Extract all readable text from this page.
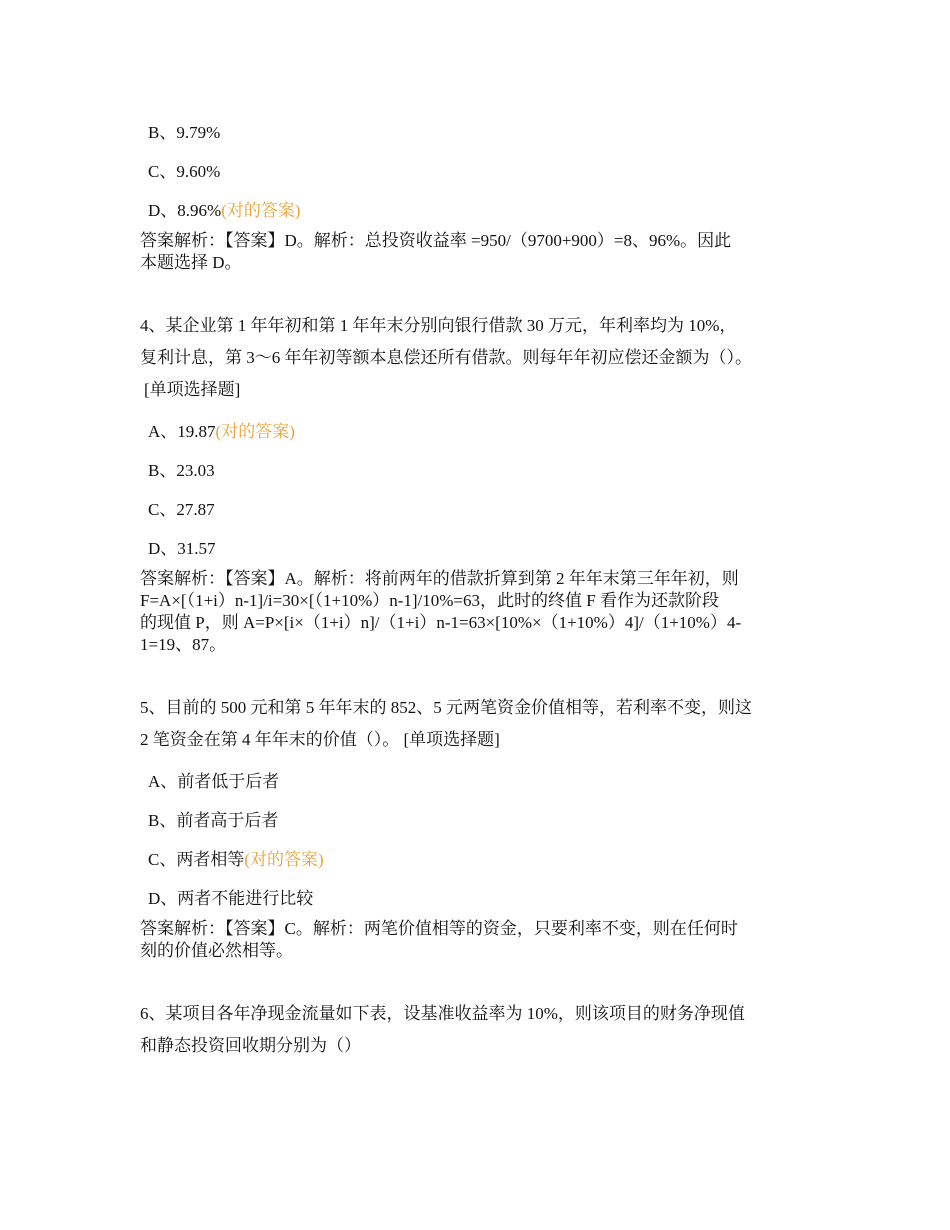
B、9.79%
C、9.60%
D、8.96%(对的答案)
答案解析：【答案】D。解析：总投资收益率 =950/（9700+900）=8、96%。因此
本题选择 D。
4、某企业第 1 年年初和第 1 年年末分别向银行借款 30 万元，年利率均为 10%，
复利计息，第 3～6 年年初等额本息偿还所有借款。则每年年初应偿还金额为（）。
[单项选择题]
A、19.87(对的答案)
B、23.03
C、27.87
D、31.57
答案解析：【答案】A。解析：将前两年的借款折算到第 2 年年末第三年年初，则
F=A×[（1+i）n-1]/i=30×[（1+10%）n-1]/10%=63，此时的终值 F 看作为还款阶段
的现值 P，则 A=P×[i×（1+i）n]/（1+i）n-1=63×[10%×（1+10%）4]/（1+10%）4-
1=19、87。
5、目前的 500 元和第 5 年年末的 852、5 元两笔资金价值相等，若利率不变，则这
2 笔资金在第 4 年年末的价值（）。 [单项选择题]
A、前者低于后者
B、前者高于后者
C、两者相等(对的答案)
D、两者不能进行比较
答案解析：【答案】C。解析：两笔价值相等的资金，只要利率不变，则在任何时
刻的价值必然相等。
6、某项目各年净现金流量如下表，设基准收益率为 10%，则该项目的财务净现值
和静态投资回收期分别为（）
